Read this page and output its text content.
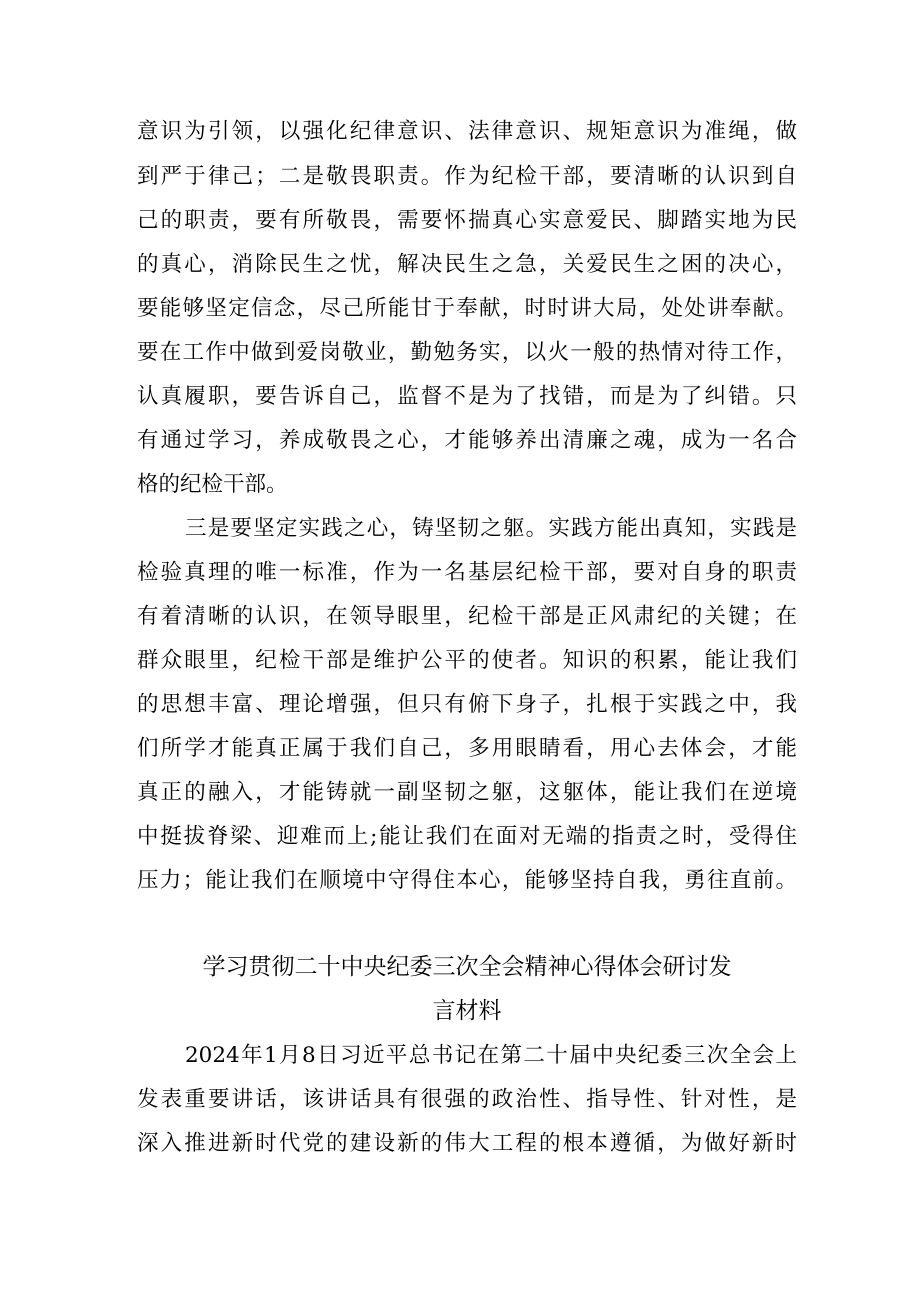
意识为引领，以强化纪律意识、法律意识、规矩意识为准绳，做
到严于律己；二是敬畏职责。作为纪检干部，要清晰的认识到自
己的职责，要有所敬畏，需要怀揣真心实意爱民、脚踏实地为民
的真心，消除民生之忧，解决民生之急，关爱民生之困的决心，
要能够坚定信念，尽己所能甘于奉献，时时讲大局，处处讲奉献。
要在工作中做到爱岗敬业，勤勉务实，以火一般的热情对待工作，
认真履职，要告诉自己，监督不是为了找错，而是为了纠错。只
有通过学习，养成敬畏之心，才能够养出清廉之魂，成为一名合
格的纪检干部。
三是要坚定实践之心，铸坚韧之躯。实践方能出真知，实践是
检验真理的唯一标准，作为一名基层纪检干部，要对自身的职责
有着清晰的认识，在领导眼里，纪检干部是正风肃纪的关键；在
群众眼里，纪检干部是维护公平的使者。知识的积累，能让我们
的思想丰富、理论增强，但只有俯下身子，扎根于实践之中，我
们所学才能真正属于我们自己，多用眼睛看，用心去体会，才能
真正的融入，才能铸就一副坚韧之躯，这躯体，能让我们在逆境
中挺拔脊梁、迎难而上;能让我们在面对无端的指责之时，受得住
压力；能让我们在顺境中守得住本心，能够坚持自我，勇往直前。
学习贯彻二十中央纪委三次全会精神心得体会研讨发
言材料
2024年1月8日习近平总书记在第二十届中央纪委三次全会上
发表重要讲话，该讲话具有很强的政治性、指导性、针对性，是
深入推进新时代党的建设新的伟大工程的根本遵循，为做好新时
